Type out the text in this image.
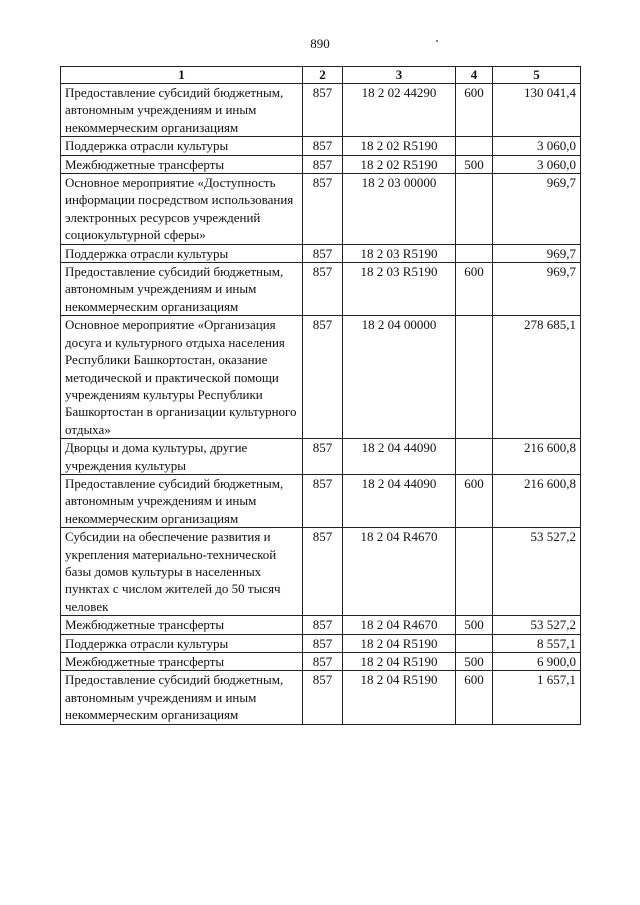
890
1	2	3	4	5
Предоставление субсидий бюджетным, автономным учреждениям и иным некоммерческим организациям	857	18 2 02 44290	600	130 041,4
Поддержка отрасли культуры	857	18 2 02 R5190		3 060,0
Межбюджетные трансферты	857	18 2 02 R5190	500	3 060,0
Основное мероприятие «Доступность информации посредством использования электронных ресурсов учреждений социокультурной сферы»	857	18 2 03 00000		969,7
Поддержка отрасли культуры	857	18 2 03 R5190		969,7
Предоставление субсидий бюджетным, автономным учреждениям и иным некоммерческим организациям	857	18 2 03 R5190	600	969,7
Основное мероприятие «Организация досуга и культурного отдыха населения Республики Башкортостан, оказание методической и практической помощи учреждениям культуры Республики Башкортостан в организации культурного отдыха»	857	18 2 04 00000		278 685,1
Дворцы и дома культуры, другие учреждения культуры	857	18 2 04 44090		216 600,8
Предоставление субсидий бюджетным, автономным учреждениям и иным некоммерческим организациям	857	18 2 04 44090	600	216 600,8
Субсидии на обеспечение развития и укрепления материально-технической базы домов культуры в населенных пунктах с числом жителей до 50 тысяч человек	857	18 2 04 R4670		53 527,2
Межбюджетные трансферты	857	18 2 04 R4670	500	53 527,2
Поддержка отрасли культуры	857	18 2 04 R5190		8 557,1
Межбюджетные трансферты	857	18 2 04 R5190	500	6 900,0
Предоставление субсидий бюджетным, автономным учреждениям и иным некоммерческим организациям	857	18 2 04 R5190	600	1 657,1
